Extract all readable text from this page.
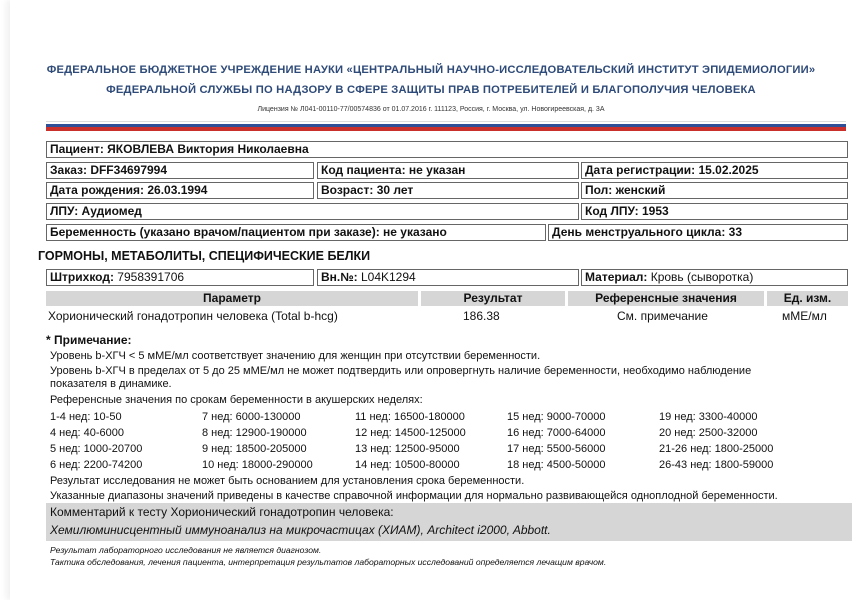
ФЕДЕРАЛЬНОЕ БЮДЖЕТНОЕ УЧРЕЖДЕНИЕ НАУКИ «ЦЕНТРАЛЬНЫЙ НАУЧНО-ИССЛЕДОВАТЕЛЬСКИЙ ИНСТИТУТ ЭПИДЕМИОЛОГИИ»
ФЕДЕРАЛЬНОЙ СЛУЖБЫ ПО НАДЗОРУ В СФЕРЕ ЗАЩИТЫ ПРАВ ПОТРЕБИТЕЛЕЙ И БЛАГОПОЛУЧИЯ ЧЕЛОВЕКА
Лицензия № Л041-00110-77/00574836 от 01.07.2016 г. 111123, Россия, г. Москва, ул. Новогиреевская, д. 3А
Пациент: ЯКОВЛЕВА Виктория Николаевна
Заказ: DFF34697994	Код пациента: не указан	Дата регистрации: 15.02.2025
Дата рождения: 26.03.1994	Возраст: 30 лет	Пол: женский
ЛПУ: Аудиомед	Код ЛПУ: 1953
Беременность (указано врачом/пациентом при заказе): не указано	День менструального цикла: 33
ГОРМОНЫ, МЕТАБОЛИТЫ, СПЕЦИФИЧЕСКИЕ БЕЛКИ
Штрихкод: 7958391706	Вн.№: L04K1294	Материал: Кровь (сыворотка)
Параметр	Результат	Референсные значения	Ед. изм.
Хорионический гонадотропин человека (Total b-hcg)	186.38	См. примечание	мМЕ/мл
* Примечание:
Уровень b-ХГЧ < 5 мМЕ/мл соответствует значению для женщин при отсутствии беременности.
Уровень b-ХГЧ в пределах от 5 до 25 мМЕ/мл не может подтвердить или опровергнуть наличие беременности, необходимо наблюдение
показателя в динамике.
Референсные значения по срокам беременности в акушерских неделях:
1-4 нед: 10-50	7 нед: 6000-130000	11 нед: 16500-180000	15 нед: 9000-70000	19 нед: 3300-40000
4 нед: 40-6000	8 нед: 12900-190000	12 нед: 14500-125000	16 нед: 7000-64000	20 нед: 2500-32000
5 нед: 1000-20700	9 нед: 18500-205000	13 нед: 12500-95000	17 нед: 5500-56000	21-26 нед: 1800-25000
6 нед: 2200-74200	10 нед: 18000-290000	14 нед: 10500-80000	18 нед: 4500-50000	26-43 нед: 1800-59000
Результат исследования не может быть основанием для установления срока беременности.
Указанные диапазоны значений приведены в качестве справочной информации для нормально развивающейся одноплодной беременности.
Комментарий к тесту Хорионический гонадотропин человека:
Хемилюминисцентный иммуноанализ на микрочастицах (ХИАМ), Architect i2000, Abbott.
Результат лабораторного исследования не является диагнозом.
Тактика обследования, лечения пациента, интерпретация результатов лабораторных исследований определяется лечащим врачом.
